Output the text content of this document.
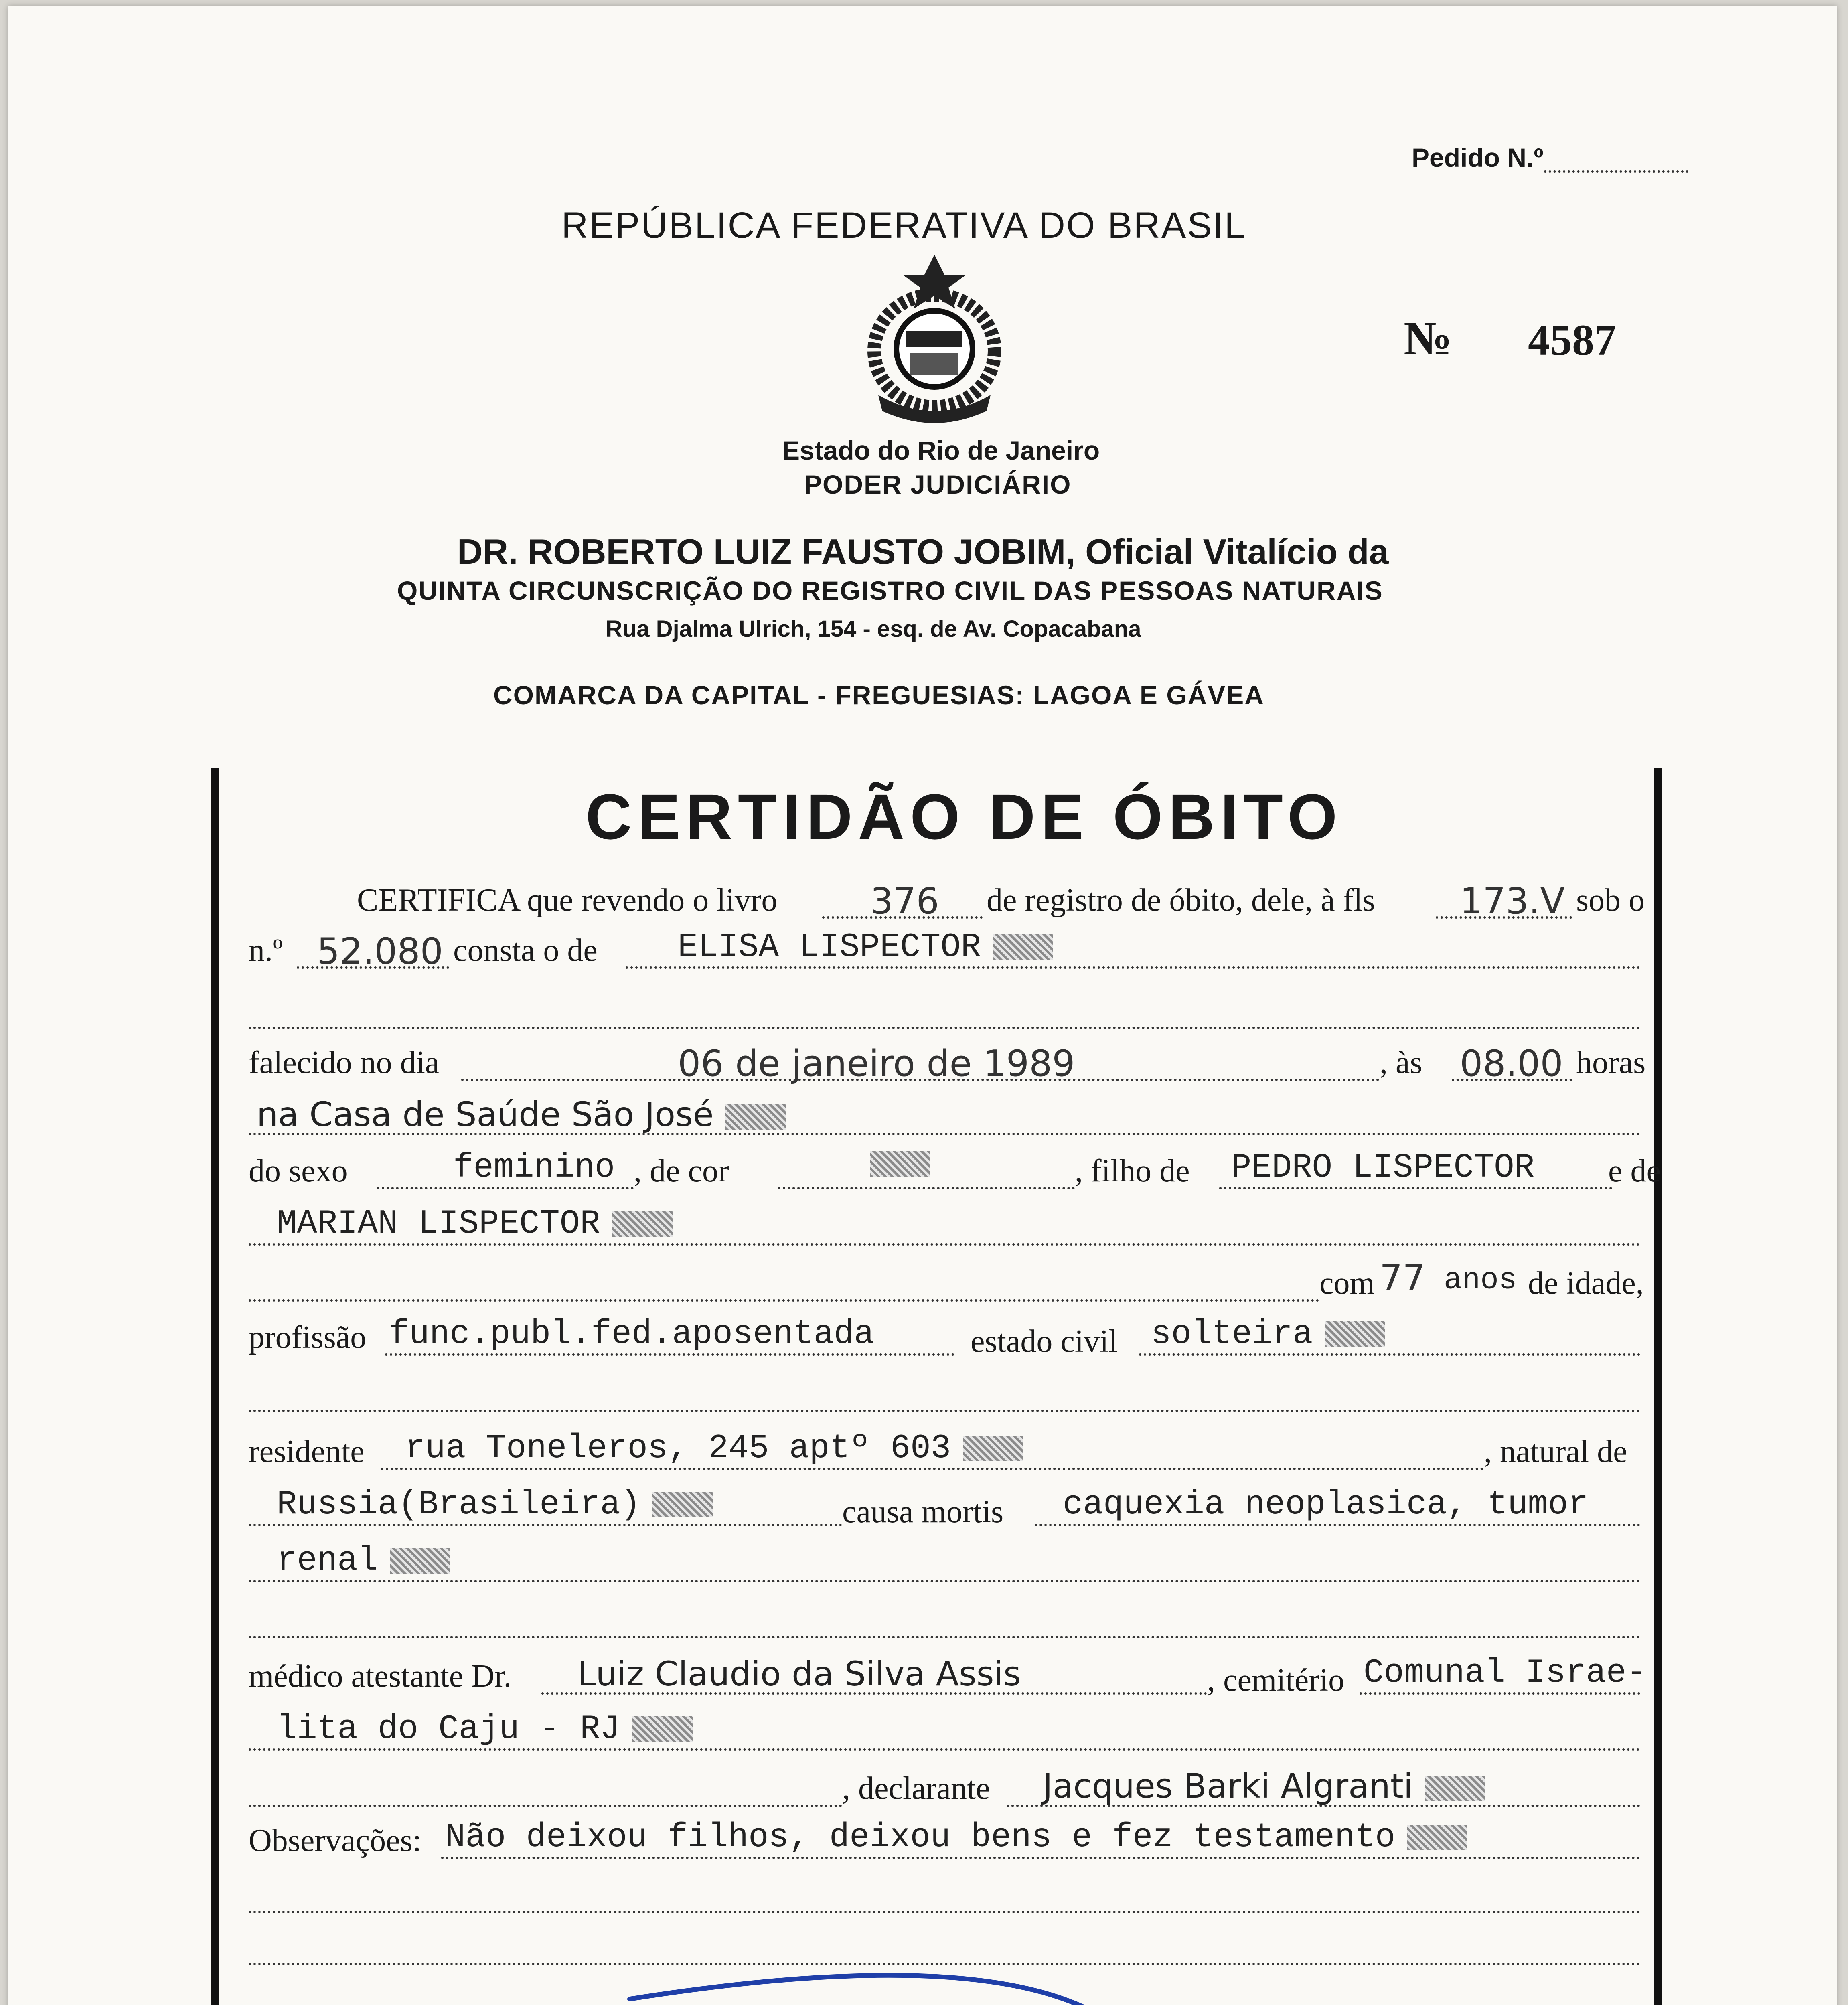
Pedido N.º
REPÚBLICA FEDERATIVA DO BRASIL
№ 4587
Estado do Rio de Janeiro
PODER JUDICIÁRIO
DR. ROBERTO LUIZ FAUSTO JOBIM, Oficial Vitalício da
QUINTA CIRCUNSCRIÇÃO DO REGISTRO CIVIL DAS PESSOAS NATURAIS
Rua Djalma Ulrich, 154 - esq. de Av. Copacabana
COMARCA DA CAPITAL - FREGUESIAS: LAGOA E GÁVEA
CERTIDÃO DE ÓBITO
CERTIFICA que revendo o livro	376 de registro de óbito, dele, à fls 173.V sob o
n.º 52.080 consta o de ELISA LISPECTOR
falecido no dia	06 de janeiro de 1989	, às 08.00 horas
na Casa de Saúde São José
do sexo	feminino , de cor	, filho de PEDRO LISPECTOR e de
MARIAN LISPECTOR
com 77 anos de idade,
profissão func.publ.fed.aposentada	estado civil solteira
residente rua Toneleros, 245 aptº 603	, natural de
Russia(Brasileira)	causa mortis caquexia neoplasica, tumor
renal
médico atestante Dr. Luiz Claudio da Silva Assis	, cemitério Comunal Israe-
lita do Caju - RJ
, declarante Jacques Barki Algranti
Observações: Não deixou filhos, deixou bens e fez testamento
